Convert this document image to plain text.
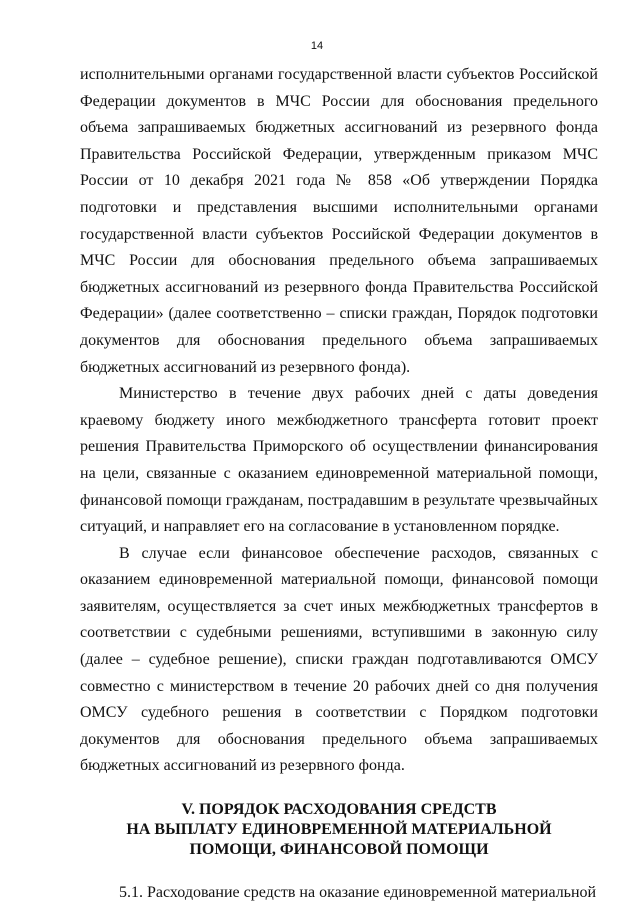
14

исполнительными органами государственной власти субъектов Российской Федерации документов в МЧС России для обоснования предельного объема запрашиваемых бюджетных ассигнований из резервного фонда Правительства Российской Федерации, утвержденным приказом МЧС России от 10 декабря 2021 года № 858 «Об утверждении Порядка подготовки и представления высшими исполнительными органами государственной власти субъектов Российской Федерации документов в МЧС России для обоснования предельного объема запрашиваемых бюджетных ассигнований из резервного фонда Правительства Российской Федерации» (далее соответственно – списки граждан, Порядок подготовки документов для обоснования предельного объема запрашиваемых бюджетных ассигнований из резервного фонда).

Министерство в течение двух рабочих дней с даты доведения краевому бюджету иного межбюджетного трансферта готовит проект решения Правительства Приморского об осуществлении финансирования на цели, связанные с оказанием единовременной материальной помощи, финансовой помощи гражданам, пострадавшим в результате чрезвычайных ситуаций, и направляет его на согласование в установленном порядке.

В случае если финансовое обеспечение расходов, связанных с оказанием единовременной материальной помощи, финансовой помощи заявителям, осуществляется за счет иных межбюджетных трансфертов в соответствии с судебными решениями, вступившими в законную силу (далее – судебное решение), списки граждан подготавливаются ОМСУ совместно с министерством в течение 20 рабочих дней со дня получения ОМСУ судебного решения в соответствии с Порядком подготовки документов для обоснования предельного объема запрашиваемых бюджетных ассигнований из резервного фонда.

V. ПОРЯДОК РАСХОДОВАНИЯ СРЕДСТВ
НА ВЫПЛАТУ ЕДИНОВРЕМЕННОЙ МАТЕРИАЛЬНОЙ
ПОМОЩИ, ФИНАНСОВОЙ ПОМОЩИ

5.1. Расходование средств на оказание единовременной материальной
